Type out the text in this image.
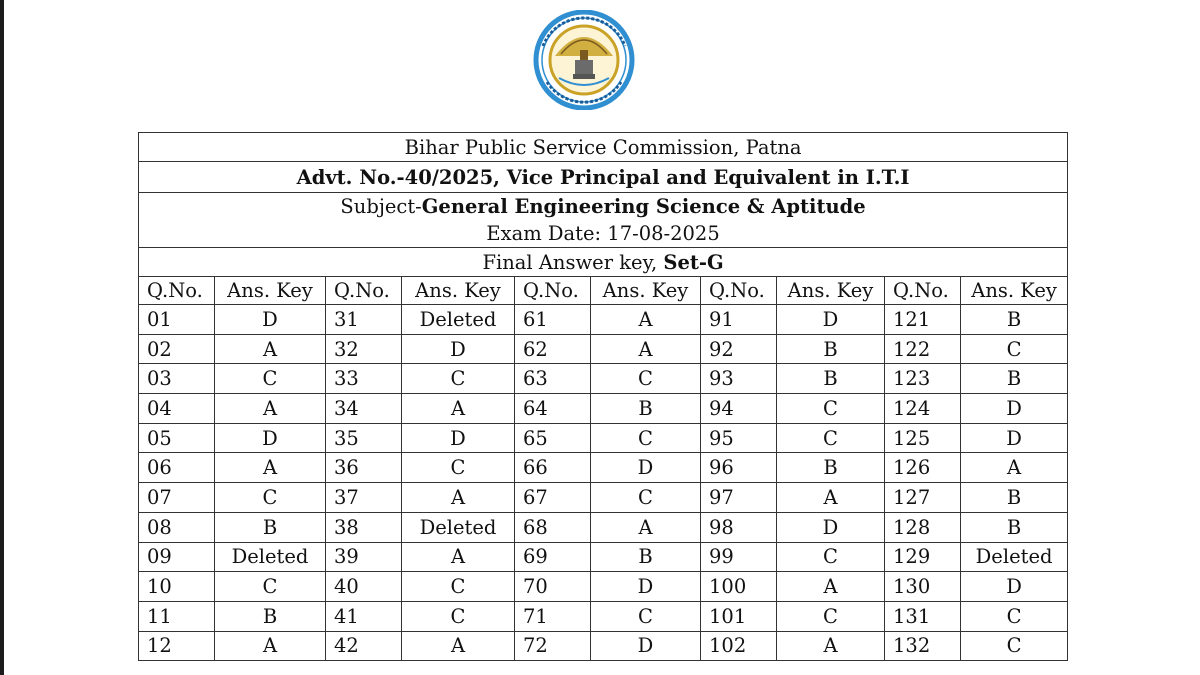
Bihar Public Service Commission, Patna									
Advt. No.-40/2025, Vice Principal and Equivalent in I.T.I									
Subject-General Engineering Science & Aptitude
Exam Date: 17-08-2025									
Final Answer key, Set-G									
Q.No.	Ans. Key	Q.No.	Ans. Key	Q.No.	Ans. Key	Q.No.	Ans. Key	Q.No.	Ans. Key
01	D	31	Deleted	61	A	91	D	121	B
02	A	32	D	62	A	92	B	122	C
03	C	33	C	63	C	93	B	123	B
04	A	34	A	64	B	94	C	124	D
05	D	35	D	65	C	95	C	125	D
06	A	36	C	66	D	96	B	126	A
07	C	37	A	67	C	97	A	127	B
08	B	38	Deleted	68	A	98	D	128	B
09	Deleted	39	A	69	B	99	C	129	Deleted
10	C	40	C	70	D	100	A	130	D
11	B	41	C	71	C	101	C	131	C
12	A	42	A	72	D	102	A	132	C
